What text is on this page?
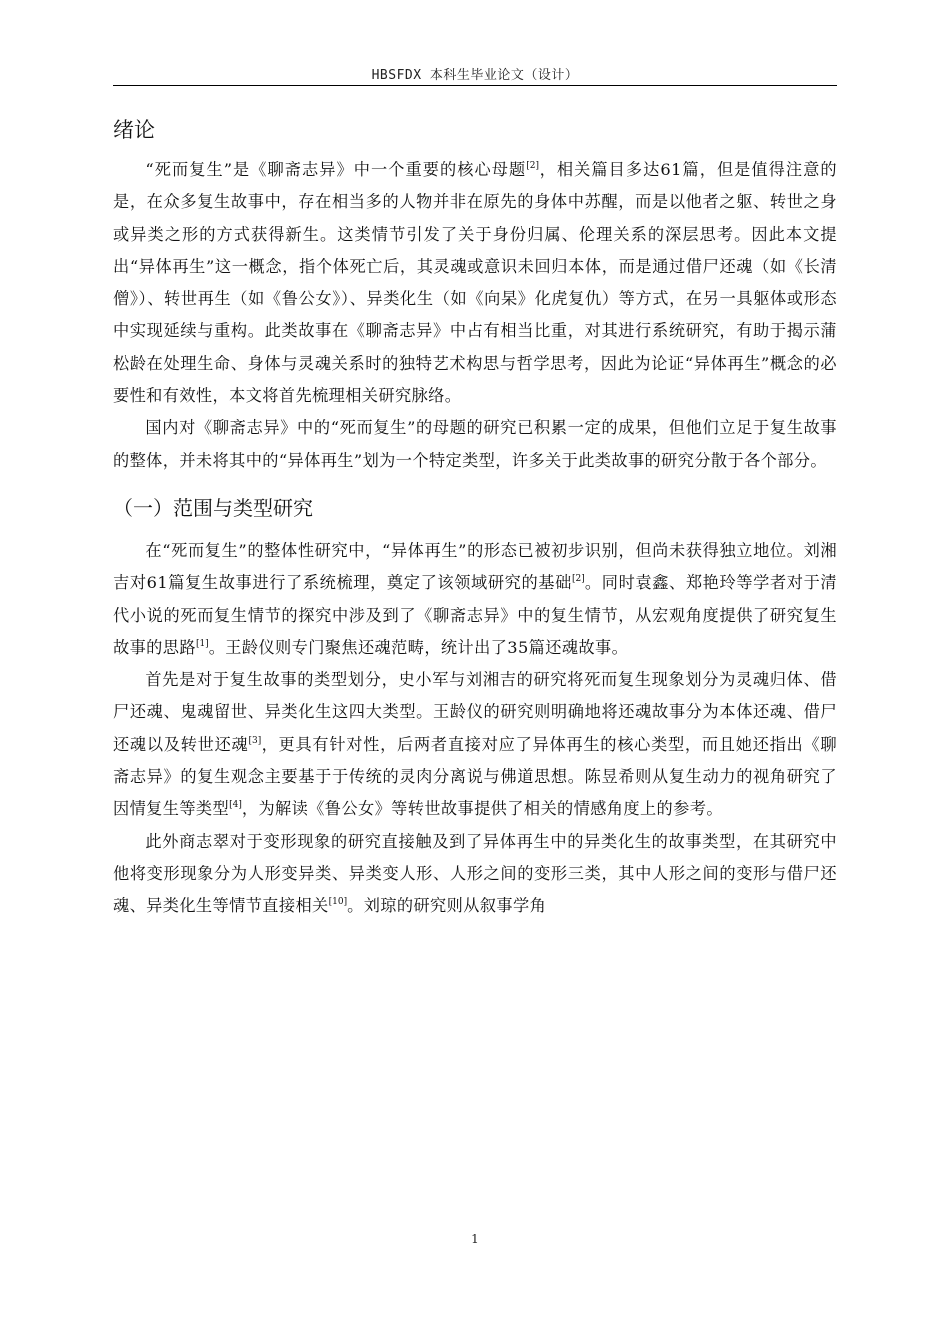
HBSFDX 本科生毕业论文（设计）
绪论

“死而复生”是《聊斋志异》中一个重要的核心母题[2]，相关篇目多达61篇，但是值得注意的是，在众多复生故事中，存在相当多的人物并非在原先的身体中苏醒，而是以他者之躯、转世之身或异类之形的方式获得新生。这类情节引发了关于身份归属、伦理关系的深层思考。因此本文提出“异体再生”这一概念，指个体死亡后，其灵魂或意识未回归本体，而是通过借尸还魂（如《长清僧》）、转世再生（如《鲁公女》）、异类化生（如《向杲》化虎复仇）等方式，在另一具躯体或形态中实现延续与重构。此类故事在《聊斋志异》中占有相当比重，对其进行系统研究，有助于揭示蒲松龄在处理生命、身体与灵魂关系时的独特艺术构思与哲学思考，因此为论证“异体再生”概念的必要性和有效性，本文将首先梳理相关研究脉络。

国内对《聊斋志异》中的“死而复生”的母题的研究已积累一定的成果，但他们立足于复生故事的整体，并未将其中的“异体再生”划为一个特定类型，许多关于此类故事的研究分散于各个部分。

（一）范围与类型研究

在“死而复生”的整体性研究中，“异体再生”的形态已被初步识别，但尚未获得独立地位。刘湘吉对61篇复生故事进行了系统梳理，奠定了该领域研究的基础[2]。同时袁鑫、郑艳玲等学者对于清代小说的死而复生情节的探究中涉及到了《聊斋志异》中的复生情节，从宏观角度提供了研究复生故事的思路[1]。王龄仪则专门聚焦还魂范畴，统计出了35篇还魂故事。

首先是对于复生故事的类型划分，史小军与刘湘吉的研究将死而复生现象划分为灵魂归体、借尸还魂、鬼魂留世、异类化生这四大类型。王龄仪的研究则明确地将还魂故事分为本体还魂、借尸还魂以及转世还魂[3]，更具有针对性，后两者直接对应了异体再生的核心类型，而且她还指出《聊斋志异》的复生观念主要基于于传统的灵肉分离说与佛道思想。陈昱希则从复生动力的视角研究了因情复生等类型[4]，为解读《鲁公女》等转世故事提供了相关的情感角度上的参考。

此外商志翠对于变形现象的研究直接触及到了异体再生中的异类化生的故事类型，在其研究中他将变形现象分为人形变异类、异类变人形、人形之间的变形三类，其中人形之间的变形与借尸还魂、异类化生等情节直接相关[10]。刘琼的研究则从叙事学角

1
